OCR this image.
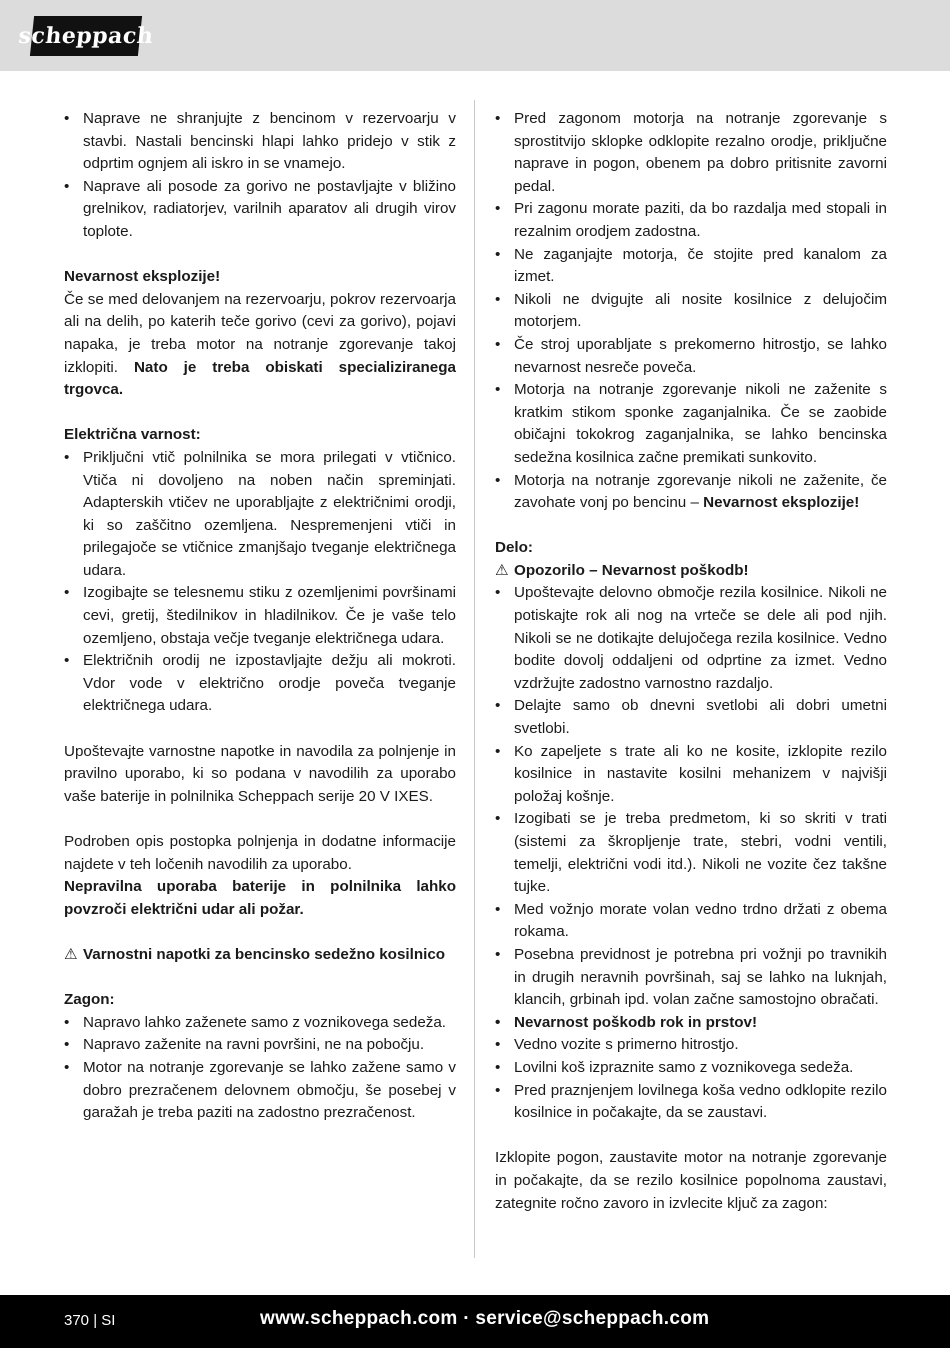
scheppach
• Naprave ne shranjujte z bencinom v rezervoarju v stavbi. Nastali bencinski hlapi lahko pridejo v stik z odprtim ognjem ali iskro in se vnamejo.
• Naprave ali posode za gorivo ne postavljajte v bližino grelnikov, radiatorjev, varilnih aparatov ali drugih virov toplote.

Nevarnost eksplozije!

Če se med delovanjem na rezervoarju, pokrov rezervoarja ali na delih, po katerih teče gorivo (cevi za gorivo), pojavi napaka, je treba motor na notranje zgorevanje takoj izklopiti. Nato je treba obiskati specializiranega trgovca.

Električna varnost:

• Priključni vtič polnilnika se mora prilegati v vtičnico. Vtiča ni dovoljeno na noben način spreminjati. Adapterskih vtičev ne uporabljajte z električnimi orodji, ki so zaščitno ozemljena. Nespremenjeni vtiči in prilegajoče se vtičnice zmanjšajo tveganje električnega udara.
• Izogibajte se telesnemu stiku z ozemljenimi površinami cevi, gretij, štedilnikov in hladilnikov. Če je vaše telo ozemljeno, obstaja večje tveganje električnega udara.
• Električnih orodij ne izpostavljajte dežju ali mokroti. Vdor vode v električno orodje poveča tveganje električnega udara.

Upoštevajte varnostne napotke in navodila za polnjenje in pravilno uporabo, ki so podana v navodilih za uporabo vaše baterije in polnilnika Scheppach serije 20 V IXES.

Podroben opis postopka polnjenja in dodatne informacije najdete v teh ločenih navodilih za uporabo.

Nepravilna uporaba baterije in polnilnika lahko povzroči električni udar ali požar.

⚠ Varnostni napotki za bencinsko sedežno kosilnico

Zagon:

• Napravo lahko zaženete samo z voznikovega sedeža.
• Napravo zaženite na ravni površini, ne na pobočju.
• Motor na notranje zgorevanje se lahko zažene samo v dobro prezračenem delovnem območju, še posebej v garažah je treba paziti na zadostno prezračenost.
• Pred zagonom motorja na notranje zgorevanje s sprostitvijo sklopke odklopite rezalno orodje, priključne naprave in pogon, obenem pa dobro pritisnite zavorni pedal.
• Pri zagonu morate paziti, da bo razdalja med stopali in rezalnim orodjem zadostna.
• Ne zaganjajte motorja, če stojite pred kanalom za izmet.
• Nikoli ne dvigujte ali nosite kosilnice z delujočim motorjem.
• Če stroj uporabljate s prekomerno hitrostjo, se lahko nevarnost nesreče poveča.
• Motorja na notranje zgorevanje nikoli ne zaženite s kratkim stikom sponke zaganjalnika. Če se zaobide običajni tokokrog zaganjalnika, se lahko bencinska sedežna kosilnica začne premikati sunkovito.
• Motorja na notranje zgorevanje nikoli ne zaženite, če zavohate vonj po bencinu – Nevarnost eksplozije!

Delo:

⚠ Opozorilo – Nevarnost poškodb!

• Upoštevajte delovno območje rezila kosilnice. Nikoli ne potiskajte rok ali nog na vrteče se dele ali pod njih. Nikoli se ne dotikajte delujočega rezila kosilnice. Vedno bodite dovolj oddaljeni od odprtine za izmet. Vedno vzdržujte zadostno varnostno razdaljo.
• Delajte samo ob dnevni svetlobi ali dobri umetni svetlobi.
• Ko zapeljete s trate ali ko ne kosite, izklopite rezilo kosilnice in nastavite kosilni mehanizem v najvišji položaj košnje.
• Izogibati se je treba predmetom, ki so skriti v trati (sistemi za škropljenje trate, stebri, vodni ventili, temelji, električni vodi itd.). Nikoli ne vozite čez takšne tujke.
• Med vožnjo morate volan vedno trdno držati z obema rokama.
• Posebna previdnost je potrebna pri vožnji po travnikih in drugih neravnih površinah, saj se lahko na luknjah, klancih, grbinah ipd. volan začne samostojno obračati.
• Nevarnost poškodb rok in prstov!
• Vedno vozite s primerno hitrostjo.
• Lovilni koš izpraznite samo z voznikovega sedeža.
• Pred praznjenjem lovilnega koša vedno odklopite rezilo kosilnice in počakajte, da se zaustavi.

Izklopite pogon, zaustavite motor na notranje zgorevanje in počakajte, da se rezilo kosilnice popolnoma zaustavi, zategnite ročno zavoro in izvlecite ključ za zagon:

370 | SI	www.scheppach.com · service@scheppach.com
